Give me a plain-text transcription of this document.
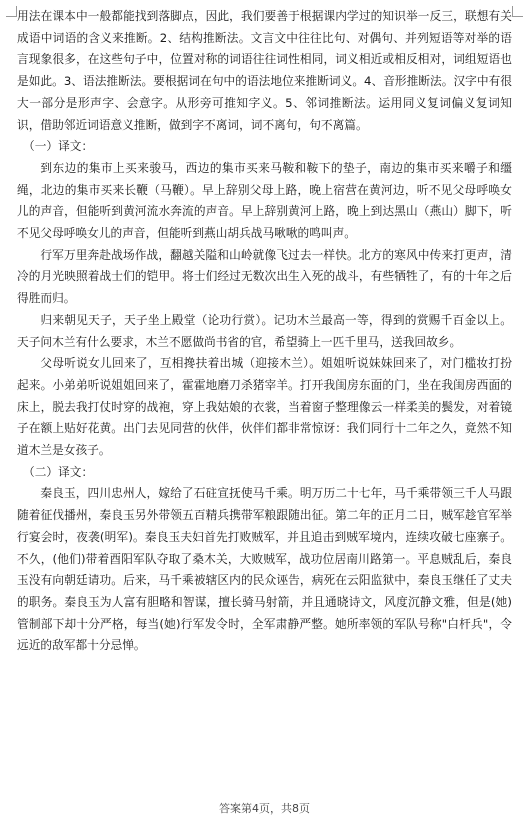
用法在课本中一般都能找到落脚点，因此，我们要善于根据课内学过的知识举一反三，联想有关成语中词语的含义来推断。2、结构推断法。文言文中往往比句、对偶句、并列短语等对举的语言现象很多，在这些句子中，位置对称的词语往往词性相同，词义相近或相反相对，词组短语也是如此。3、语法推断法。要根据词在句中的语法地位来推断词义。4、音形推断法。汉字中有很大一部分是形声字、会意字。从形旁可推知字义。5、邻词推断法。运用同义复词偏义复词知识，借助邻近词语意义推断，做到字不离词，词不离句，句不离篇。

（一）译文：

到东边的集市上买来骏马，西边的集市买来马鞍和鞍下的垫子，南边的集市买来嚼子和缰绳，北边的集市买来长鞭（马鞭）。早上辞别父母上路，晚上宿营在黄河边，听不见父母呼唤女儿的声音，但能听到黄河流水奔流的声音。早上辞别黄河上路，晚上到达黑山（燕山）脚下，听不见父母呼唤女儿的声音，但能听到燕山胡兵战马啾啾的鸣叫声。

行军万里奔赴战场作战，翻越关隘和山岭就像飞过去一样快。北方的寒风中传来打更声，清冷的月光映照着战士们的铠甲。将士们经过无数次出生入死的战斗，有些牺牲了，有的十年之后得胜而归。

归来朝见天子，天子坐上殿堂（论功行赏）。记功木兰最高一等，得到的赏赐千百金以上。天子问木兰有什么要求，木兰不愿做尚书省的官，希望骑上一匹千里马，送我回故乡。

父母听说女儿回来了，互相搀扶着出城（迎接木兰）。姐姐听说妹妹回来了，对门槛妆打扮起来。小弟弟听说姐姐回来了，霍霍地磨刀杀猪宰羊。打开我闺房东面的门，坐在我闺房西面的床上，脱去我打仗时穿的战袍，穿上我姑娘的衣裳，当着窗子整理像云一样柔美的鬓发，对着镜子在额上贴好花黄。出门去见同营的伙伴，伙伴们都非常惊讶：我们同行十二年之久，竟然不知道木兰是女孩子。

（二）译文：

秦良玉，四川忠州人，嫁给了石砫宣抚使马千乘。明万历二十七年，马千乘带领三千人马跟随着征伐播州，秦良玉另外带领五百精兵携带军粮跟随出征。第二年的正月二日，贼军趁官军举行宴会时，夜袭(明军)。秦良玉夫妇首先打败贼军，并且追击到贼军境内，连续攻破七座寨子。不久，(他们)带着酉阳军队夺取了桑木关，大败贼军，战功位居南川路第一。平息贼乱后，秦良玉没有向朝廷请功。后来，马千乘被辖区内的民众诬告，病死在云阳监狱中，秦良玉继任了丈夫的职务。秦良玉为人富有胆略和智谋，擅长骑马射箭，并且通晓诗文，风度沉静文雅，但是(她)管制部下却十分严格，每当(她)行军发令时，全军肃静严整。她所率领的军队号称"白杆兵"，令远近的敌军都十分忌惮。

答案第4页，共8页
